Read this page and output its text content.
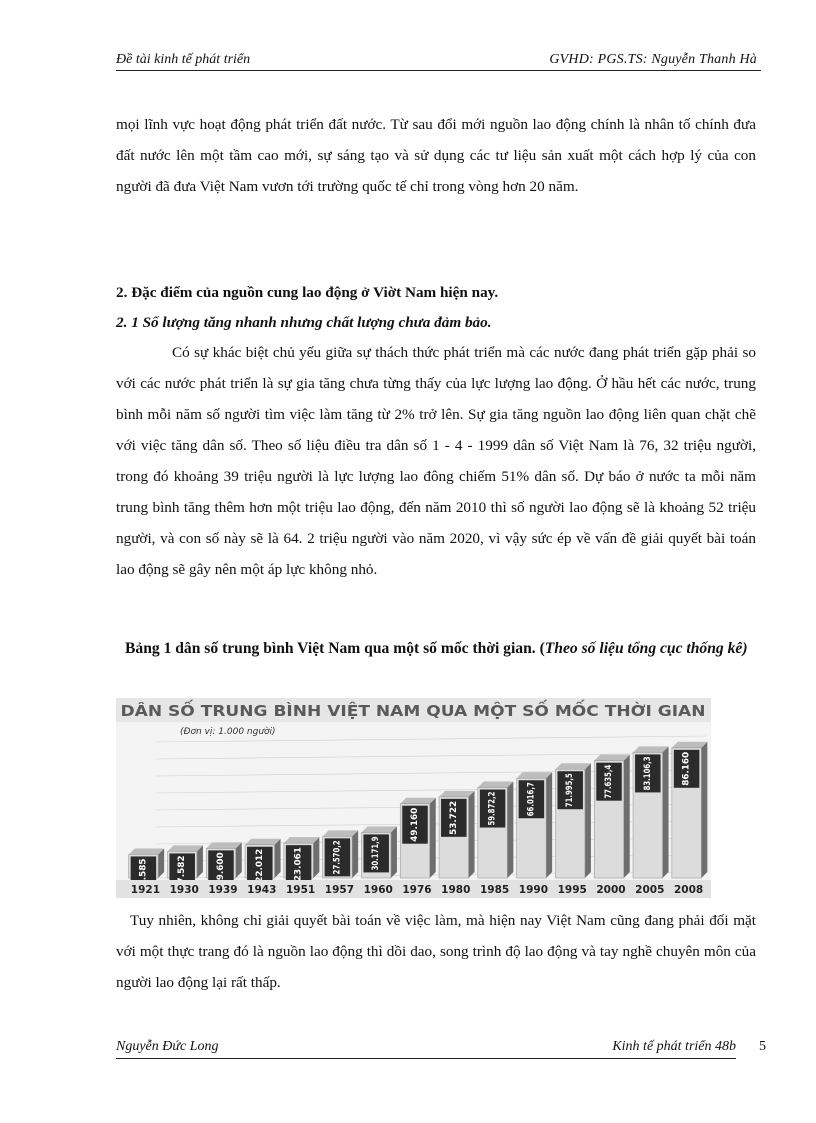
Đề tài kinh tế phát triển	GVHD: PGS.TS: Nguyễn Thanh Hà

mọi lĩnh vực hoạt động phát triển đất nước. Từ sau đổi mới nguồn lao động chính là nhân tố chính đưa đất nước lên một tầm cao mới, sự sáng tạo và sử dụng các tư liệu sản xuất một cách hợp lý của con người đã đưa Việt Nam vươn tới trường quốc tế chỉ trong vòng hơn 20 năm.

2. Đặc điểm của nguồn cung lao động ở Viờt Nam hiện nay.

2. 1 Số lượng tăng nhanh nhưng chất lượng chưa đảm bảo.

Có sự khác biệt chủ yếu giữa sự thách thức phát triển mà các nước đang phát triển gặp phải so với các nước phát triển là sự gia tăng chưa từng thấy của lực lượng lao động. Ở hầu hết các nước, trung bình mỗi năm số người tìm việc làm tăng từ 2% trở lên. Sự gia tăng nguồn lao động liên quan chặt chẽ với việc tăng dân số. Theo số liệu điều tra dân số 1 - 4 - 1999 dân số Việt Nam là 76, 32 triệu người, trong đó khoảng 39 triệu người là lực lượng lao đông chiếm 51% dân số. Dự báo ở nước ta mỗi năm trung bình tăng thêm hơn một triệu lao động, đến năm 2010 thì số người lao động sẽ là khoảng 52 triệu người, và con số này sẽ là 64. 2 triệu người vào năm 2020, vì vậy sức ép về vấn đề giải quyết bài toán lao động sẽ gây nên một áp lực không nhỏ.

Bảng 1 dân số trung bình Việt Nam qua một số mốc thời gian. (Theo số liệu tổng cục thống kê)

DÂN SỐ TRUNG BÌNH VIỆT NAM QUA MỘT SỐ MỐC THỜI GIAN
(Đơn vị: 1.000 người)
15.585	17.582	19.600	22.012	23.061	27.570,2	30.171,9
49.160	53.722	59.872,2	66.016,7	71.995,5	77.635,4	83.106,3	86.160
1921 1930 1939 1943 1951 1957 1960 1976 1980 1985 1990 1995 2000 2005 2008

Tuy nhiên, không chỉ giải quyết bài toán về việc làm, mà hiện nay Việt Nam cũng đang phải đối mặt với một thực trang đó là nguồn lao động thì dồi dao, song trình độ lao động và tay nghề chuyên môn của người lao động lại rất thấp.

Nguyễn Đức Long	Kinh tế phát triển 48b 5
